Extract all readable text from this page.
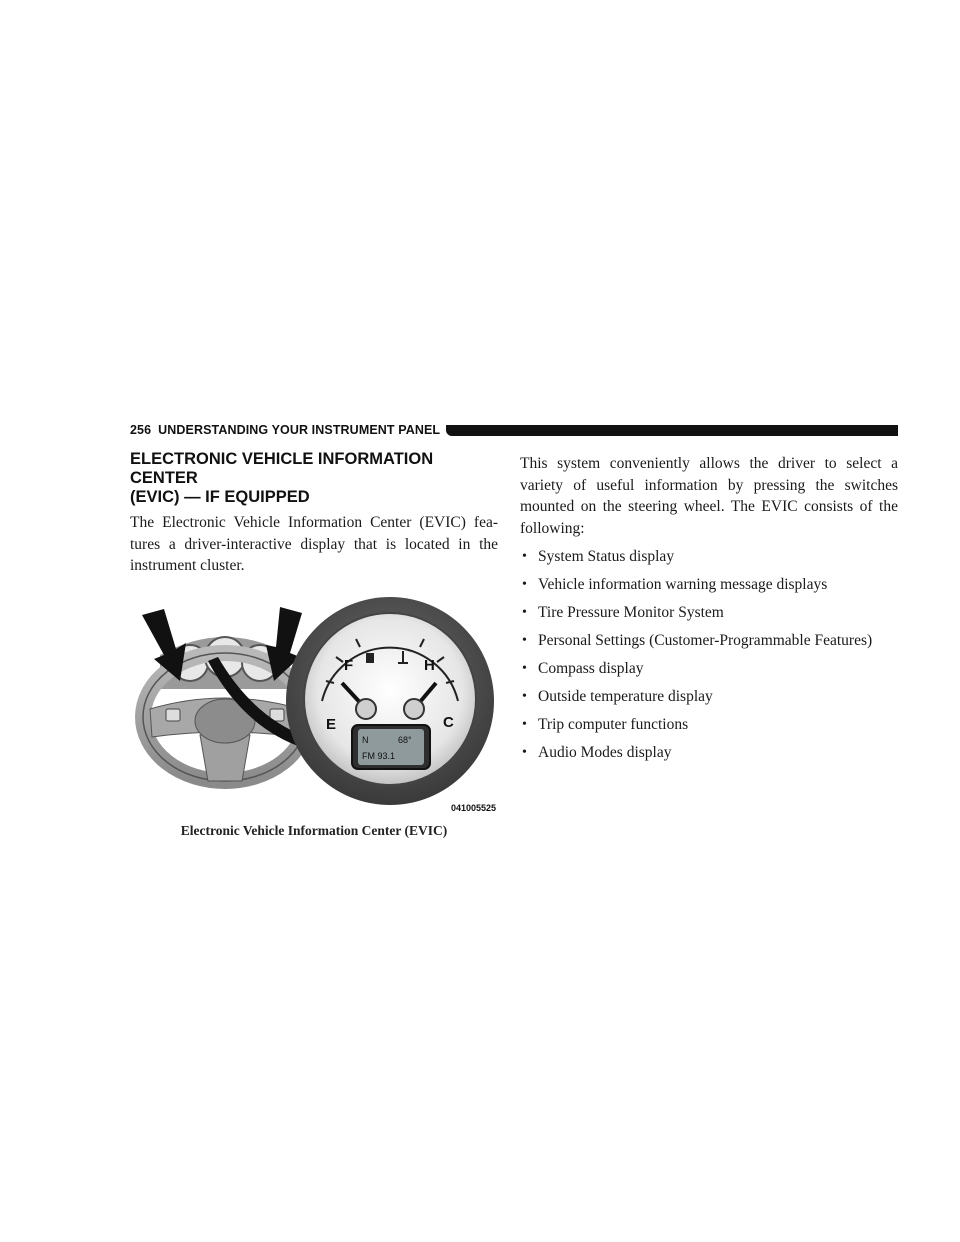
256 UNDERSTANDING YOUR INSTRUMENT PANEL
ELECTRONIC VEHICLE INFORMATION CENTER
(EVIC) — IF EQUIPPED

The Electronic Vehicle Information Center (EVIC) fea- tures a driver-interactive display that is located in the instrument cluster.

F
E
H
C
N	68°
FM 93.1
041005525
Electronic Vehicle Information Center (EVIC)

This system conveniently allows the driver to select a variety of useful information by pressing the switches mounted on the steering wheel. The EVIC consists of the following:

• System Status display
• Vehicle information warning message displays
• Tire Pressure Monitor System
• Personal Settings (Customer-Programmable Features)
• Compass display
• Outside temperature display
• Trip computer functions
• Audio Modes display
